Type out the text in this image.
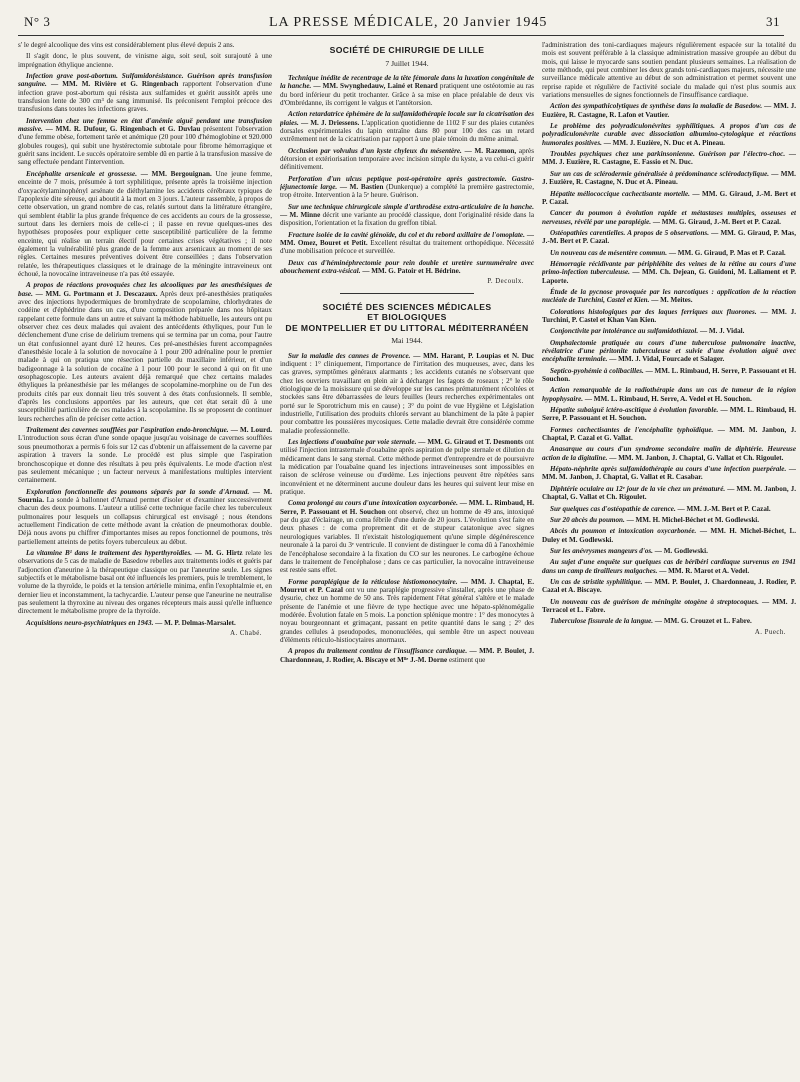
N° 3	LA PRESSE MÉDICALE, 20 Janvier 1945	31

s' le degré alcoolique des vins est considérablement plus élevé depuis 2 ans.

Il s'agit donc, le plus souvent, de vinisme aigu, soit seul, soit surajouté à une imprégnation éthylique ancienne.

Infection grave post-abortum. Sulfamidorésistance. Guérison après transfusion sanguine. — MM. M. Rivière et G. Ringenbach rapportent l'observation d'une infection grave post-abortum qui résista aux sulfamides et guérit aussitôt après une transfusion lente de 300 cm³ de sang immunisé. Ils préconisent l'emploi précoce des transfusions dans toutes les infections graves.

Intervention chez une femme en état d'anémie aiguë pendant une transfusion massive. — MM. R. Dufour, G. Ringenbach et G. Duvlau présentent l'observation d'une femme obèse, fortement tarée et anémique (20 pour 100 d'hémoglobine et 920.000 globules rouges), qui subit une hystérectomie subtotale pour fibrome hémorragique et guérit sans incident. Le succès opératoire semble dû en partie à la transfusion massive de sang effectuée pendant l'intervention.

Encéphalite arsenicale et grossesse. — MM. Bergouignan. Une jeune femme, enceinte de 7 mois, présumée à tort syphilitique, présente après la troisième injection d'oxyacétylaminophényl arsénate de diéthylamine les accidents cérébraux typiques de l'apoplexie dite séreuse, qui aboutit à la mort en 3 jours. L'auteur rassemble, à propos de cette observation, un grand nombre de cas, relatés surtout dans la littérature étrangère, qui semblent établir la plus grande fréquence de ces accidents au cours de la grossesse, surtout dans les derniers mois de celle-ci ; il passe en revue quelques-unes des hypothèses proposées pour expliquer cette susceptibilité particulière de la femme enceinte, qui réalise un terrain électif pour certaines crises végétatives ; il note également la vulnérabilité plus grande de la femme aux arsenicaux au moment de ses règles. Certaines mesures préventives doivent être conseillées ; dans l'observation relatée, les thérapeutiques classiques et le drainage de la méningite intraveineux ont échoué, la novocaïne intraveineuse n'a pas été essayée.

A propos de réactions provoquées chez les alcooliques par les anesthésiques de base. — MM. G. Portmann et J. Descazaux. Après deux pré-anesthésies pratiquées avec des injections hypodermiques de bromhydrate de scopolamine, chlorhydrates de codéine et d'éphédrine dans un cas, d'une composition préparée dans nos hôpitaux rappelant cette formule dans un autre et suivant la méthode habituelle, les auteurs ont pu observer chez ces deux malades qui avaient des antécédents éthyliques, pour l'un le déclenchement d'une crise de delirium tremens qui se termina par un coma, pour l'autre un état confusionnel ayant duré 12 heures. Ces pré-anesthésies furent accompagnées d'anesthésie locale à la solution de novocaïne à 1 pour 200 adrénaline pour le premier malade à qui on pratiqua une résection partielle du maxillaire inférieur, et d'un badigeonnage à la solution de cocaïne à 1 pour 100 pour le second à qui on fit une œsophagoscopie. Les auteurs avaient déjà remarqué que chez certains malades éthyliques la préanesthésie par les mélanges de scopolamine-morphine ou de l'un des produits cités par eux donnait lieu très souvent à des états confusionnels. Il semble, d'après les conclusions apportées par les auteurs, que cet état serait dû à une susceptibilité particulière de ces malades à la scopolamine. Ils se proposent de continuer leurs recherches afin de préciser cette action.

Traitement des cavernes soufflées par l'aspiration endo-bronchique. — M. Lourd. L'introduction sous écran d'une sonde opaque jusqu'au voisinage de cavernes soufflées sous pneumothorax a permis 6 fois sur 12 cas d'obtenir un affaissement de la caverne par aspiration à travers la sonde. Le procédé est plus simple que l'aspiration bronchoscopique et donne des résultats à peu près équivalents. Le mode d'action n'est pas seulement mécanique ; un facteur nerveux à manifestations multiples intervient certainement.

Exploration fonctionnelle des poumons séparés par la sonde d'Arnaud. — M. Sournia. La sonde à ballonnet d'Arnaud permet d'isoler et d'examiner successivement chacun des deux poumons. L'auteur a utilisé cette technique facile chez les tuberculeux pulmonaires pour lesquels un collapsus chirurgical est envisagé ; nous étendons actuellement l'indication de cette méthode avant la création de pneumothorax double. Déjà nous avons pu chiffrer d'importantes mises au repos fonctionnel de poumons, très partiellement atteints de petits foyers tuberculeux au début.

La vitamine B¹ dans le traitement des hyperthyroïdies. — M. G. Hirtz relate les observations de 5 cas de maladie de Basedow rebelles aux traitements iodés et guéris par l'adjonction d'aneurine à la thérapeutique classique ou par l'aneurine seule. Les signes subjectifs et le métabolisme basal ont été influencés les premiers, puis le tremblement, le volume de la thyroïde, le poids et la tension artérielle minima, enfin l'exophtalmie et, en dernier lieu et inconstamment, la tachycardie. L'auteur pense que l'aneurine ne neutralise pas seulement la thyroxine au niveau des organes récepteurs mais aussi qu'elle influence directement le métabolisme propre de la thyroïde.

Acquisitions neuro-psychiatriques en 1943. — M. P. Delmas-Marsalet.

A. Chabé.
SOCIÉTÉ DE CHIRURGIE DE LILLE
7 Juillet 1944.

Technique inédite de recentrage de la tête fémorale dans la luxation congénitale de la hanche. — MM. Swynghedauw, Lainé et Renard pratiquent une ostéotomie au ras du bord inférieur du petit trochanter. Grâce à sa mise en place préalable de deux vis d'Ombrédanne, ils corrigent le valgus et l'antétorsion.

Action retardatrice éphémère de la sulfamidothérapie locale sur la cicatrisation des plaies. — M. J. Driessens. L'application quotidienne de 1102 F sur des plaies cutanées dorsales expérimentales du lapin entraîne dans 80 pour 100 des cas un retard extrêmement net de la cicatrisation par rapport à une plaie témoin du même animal.

Occlusion par volvulus d'un kyste chyleux du mésentère. — M. Razemon, après détorsion et extériorisation temporaire avec incision simple du kyste, a vu celui-ci guérir définitivement.

Perforation d'un ulcus peptique post-opératoire après gastrectomie. Gastro-jéjunectomie large. — M. Bastien (Dunkerque) a complété la première gastrectomie, trop étroite. Intervention à la 5ᵉ heure. Guérison.

Sur une technique chirurgicale simple d'arthrodèse extra-articulaire de la hanche. — M. Minne décrit une variante au procédé classique, dont l'originalité réside dans la disposition, l'orientation et la fixation du greffon tibial.

Fracture isolée de la cavité glénoïde, du col et du rebord axillaire de l'omoplate. — MM. Omez, Bouret et Petit. Excellent résultat du traitement orthopédique. Nécessité d'une mobilisation précoce et surveillée.

Deux cas d'héminéphrectomie pour rein double et uretère surnuméraire avec abouchement extra-vésical. — MM. G. Patoir et H. Bédrine.

P. Decoulx.
SOCIÉTÉ DES SCIENCES MÉDICALES
ET BIOLOGIQUES
DE MONTPELLIER ET DU LITTORAL MÉDITERRANÉEN
Mai 1944.

Sur la maladie des cannes de Provence. — MM. Harant, P. Loupias et N. Duc indiquent : 1° cliniquement, l'importance de l'irritation des muqueuses, avec, dans les cas graves, symptômes généraux alarmants ; les accidents cutanés ne s'observant que chez les ouvriers travaillant en plein air à décharger les fagots de roseaux ; 2° le rôle étiologique de la moisissure qui se développe sur les cannes prématurément récoltées et stockées sans être débarrassées de leurs feuilles (leurs recherches expérimentales ont porté sur le Sporotrichum mis en cause) ; 3° du point de vue Hygiène et Législation industrielle, l'utilisation des produits chlorés servant au blanchiment de la pâte à papier pour combattre les poussières mycosiques. Cette maladie devrait être considérée comme maladie professionnelle.

Les injections d'ouabaïne par voie sternale. — MM. G. Giraud et T. Desmonts ont utilisé l'injection intrasternale d'ouabaïne après aspiration de pulpe sternale et dilution du médicament dans le sang sternal. Cette méthode permet d'entreprendre et de poursuivre la médication par l'ouabaïne quand les injections intraveineuses sont impossibles en raison de sclérose veineuse ou d'œdème. Les injections peuvent être répétées sans inconvénient et ne déterminent aucune douleur dans les heures qui suivent leur mise en pratique.

Coma prolongé au cours d'une intoxication oxycarbonée. — MM. L. Rimbaud, H. Serre, P. Passouant et H. Souchon ont observé, chez un homme de 49 ans, intoxiqué par du gaz d'éclairage, un coma fébrile d'une durée de 20 jours. L'évolution s'est faite en deux phases : de coma proprement dit et de stupeur catatonique avec signes neurologiques variables. Il n'existait histologiquement qu'une simple dégénérescence neuronale à la paroi du 3ᵉ ventricule. Il convient de distinguer le coma dû à l'anoxhémie de l'encéphalose secondaire à la fixation du CO sur les neurones. Le carbogène échoue dans le traitement de l'encéphalose ; dans ce cas particulier, la novocaïne intraveineuse est restée sans effet.

Forme paraplégique de la réticulose histiomonocytaire. — MM. J. Chaptal, E. Mourrut et P. Cazal ont vu une paraplégie progressive s'installer, après une phase de dysurie, chez un homme de 50 ans. Très rapidement l'état général s'altère et le malade présente de l'anémie et une fièvre de type hectique avec une hépato-splénomégalie modérée. Évolution fatale en 5 mois. La ponction splénique montre : 1° des monocytes à noyau bourgeonnant et grimaçant, passant en petite quantité dans le sang ; 2° des grandes cellules à pseudopodes, mononucléées, qui semble être un aspect nouveau d'éléments réticulo-histiocytaires anormaux.

A propos du traitement continu de l'insuffisance cardiaque. — MM. P. Boulet, J. Chardonneau, J. Rodier, A. Biscaye et Mˡˡᵉ J.-M. Dorne estiment que

l'administration des toni-cardiaques majeurs régulièrement espacée sur la totalité du mois est souvent préférable à la classique administration massive groupée au début du mois, qui laisse le myocarde sans soutien pendant plusieurs semaines. La réalisation de cette méthode, qui peut combiner les deux grands toni-cardiaques majeurs, nécessite une surveillance médicale attentive au début de son administration et permet souvent une reprise rapide et régulière de l'activité sociale du malade qui n'est plus soumis aux variations mensuelles de signes fonctionnels de l'insuffisance cardiaque.

Action des sympathicolytiques de synthèse dans la maladie de Basedow. — MM. J. Euzière, R. Castagne, R. Lafon et Vautier.

Le problème des polyradiculonévrites syphilitiques. A propos d'un cas de polyradiculonévrite curable avec dissociation albumino-cytologique et réactions humorales positives. — MM. J. Euzière, N. Duc et A. Pineau.

Troubles psychiques chez une parkinsonienne. Guérison par l'électro-choc. — MM. J. Euzière, R. Castagne, E. Fassio et N. Duc.

Sur un cas de sclérodermie généralisée à prédominance sclérodactylique. — MM. J. Euzière, R. Castagne, N. Duc et A. Pineau.

Hépatite méliococcique cachectisante mortelle. — MM. G. Giraud, J.-M. Bert et P. Cazal.

Cancer du poumon à évolution rapide et métastases multiples, osseuses et nerveuses, révélé par une paraplégie. — MM. G. Giraud, J.-M. Bert et P. Cazal.

Ostéopathies carentielles. A propos de 5 observations. — MM. G. Giraud, P. Mas, J.-M. Bert et P. Cazal.

Un nouveau cas de mésentère commun. — MM. G. Giraud, P. Mas et P. Cazal.

Hémorragie récidivante par périphlébite des veines de la rétine au cours d'une primo-infection tuberculeuse. — MM. Ch. Dejean, G. Guidoni, M. Laliament et P. Laporte.

Étude de la pycnose provoquée par les narcotiques : application de la réaction nucléale de Turchini, Castel et Kien. — M. Meites.

Colorations histologiques par des laques ferriques aux fluorones. — MM. J. Turchini, P. Castel et Khan Van Kien.

Conjonctivite par intolérance au sulfamidothiazol. — M. J. Vidal.

Omphalectomie pratiquée au cours d'une tuberculose pulmonaire inactive, révélatrice d'une péritonite tuberculeuse et suivie d'une évolution aiguë avec encéphalite terminale. — MM. J. Vidal, Fourcade et Salager.

Septico-pyohémie à colibacilles. — MM. L. Rimbaud, H. Serre, P. Passouant et H. Souchon.

Action remarquable de la radiothérapie dans un cas de tumeur de la région hypophysaire. — MM. L. Rimbaud, H. Serre, A. Vedel et H. Souchon.

Hépatite subaiguë ictéro-ascitique à évolution favorable. — MM. L. Rimbaud, H. Serre, P. Passouant et H. Souchon.

Formes cachectisantes de l'encéphalite typhoïdique. — MM. M. Janbon, J. Chaptal, P. Cazal et G. Vallat.

Anasarque au cours d'un syndrome secondaire malin de diphtérie. Heureuse action de la digitaline. — MM. M. Janbon, J. Chaptal, G. Vallat et Ch. Rigoulet.

Hépato-néphrite après sulfamidothérapie au cours d'une infection puerpérale. — MM. M. Janbon, J. Chaptal, G. Vallat et R. Casabar.

Diphtérie oculaire au 12ᵉ jour de la vie chez un prématuré. — MM. M. Janbon, J. Chaptal, G. Vallat et Ch. Rigoulet.

Sur quelques cas d'ostéopathie de carence. — MM. J.-M. Bert et P. Cazal.

Sur 20 abcès du poumon. — MM. H. Michel-Béchet et M. Godlewski.

Abcès du poumon et intoxication oxycarbonée. — MM. H. Michel-Béchet, L. Duley et M. Godlewski.

Sur les anévrysmes mangeurs d'os. — M. Godlewski.

Au sujet d'une enquête sur quelques cas de béribéri cardiaque survenus en 1941 dans un camp de tirailleurs malgaches. — MM. R. Marot et A. Vedel.

Un cas de stristite syphilitique. — MM. P. Boulet, J. Chardonneau, J. Rodier, P. Cazal et A. Biscaye.

Un nouveau cas de guérison de méningite otogène à streptocoques. — MM. J. Terracol et L. Fabre.

Tuberculose fissurale de la langue. — MM. G. Crouzet et L. Fabre.

A. Puech.
